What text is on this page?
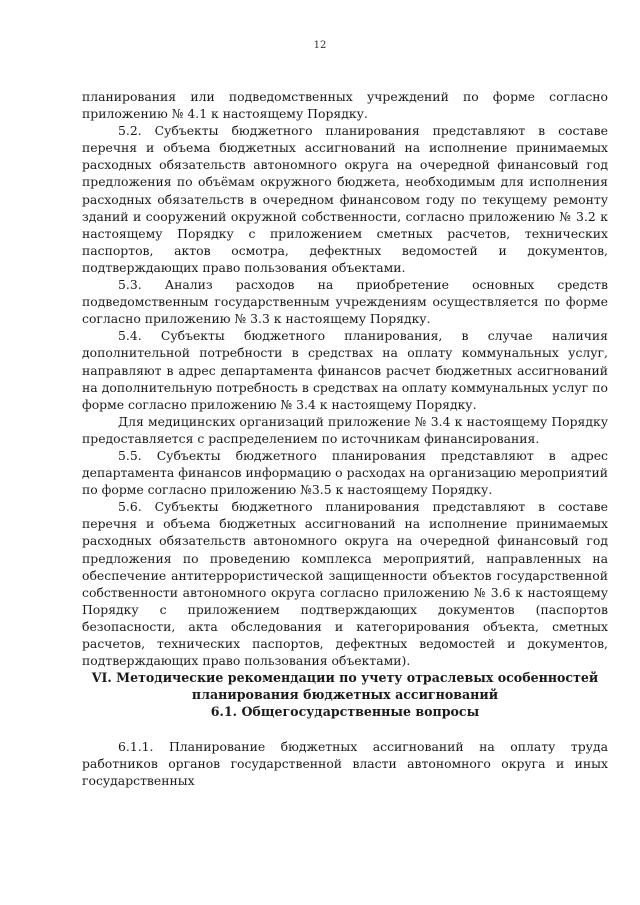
12

планирования или подведомственных учреждений по форме согласно приложению № 4.1 к настоящему Порядку.

5.2. Субъекты бюджетного планирования представляют в составе перечня и объема бюджетных ассигнований на исполнение принимаемых расходных обязательств автономного округа на очередной финансовый год предложения по объёмам окружного бюджета, необходимым для исполнения расходных обязательств в очередном финансовом году по текущему ремонту зданий и сооружений окружной собственности, согласно приложению № 3.2 к настоящему Порядку с приложением сметных расчетов, технических паспортов, актов осмотра, дефектных ведомостей и документов, подтверждающих право пользования объектами.

5.3. Анализ расходов на приобретение основных средств подведомственным государственным учреждениям осуществляется по форме согласно приложению № 3.3 к настоящему Порядку.

5.4. Субъекты бюджетного планирования, в случае наличия дополнительной потребности в средствах на оплату коммунальных услуг, направляют в адрес департамента финансов расчет бюджетных ассигнований на дополнительную потребность в средствах на оплату коммунальных услуг по форме согласно приложению № 3.4 к настоящему Порядку.

Для медицинских организаций приложение № 3.4 к настоящему Порядку предоставляется с распределением по источникам финансирования.

5.5. Субъекты бюджетного планирования представляют в адрес департамента финансов информацию о расходах на организацию мероприятий по форме согласно приложению №3.5 к настоящему Порядку.

5.6. Субъекты бюджетного планирования представляют в составе перечня и объема бюджетных ассигнований на исполнение принимаемых расходных обязательств автономного округа на очередной финансовый год предложения по проведению комплекса мероприятий, направленных на обеспечение антитеррористической защищенности объектов государственной собственности автономного округа согласно приложению № 3.6 к настоящему Порядку с приложением подтверждающих документов (паспортов безопасности, акта обследования и категорирования объекта, сметных расчетов, технических паспортов, дефектных ведомостей и документов, подтверждающих право пользования объектами).

VI. Методические рекомендации по учету отраслевых особенностей
планирования бюджетных ассигнований

6.1. Общегосударственные вопросы

6.1.1. Планирование бюджетных ассигнований на оплату труда работников органов государственной власти автономного округа и иных государственных
